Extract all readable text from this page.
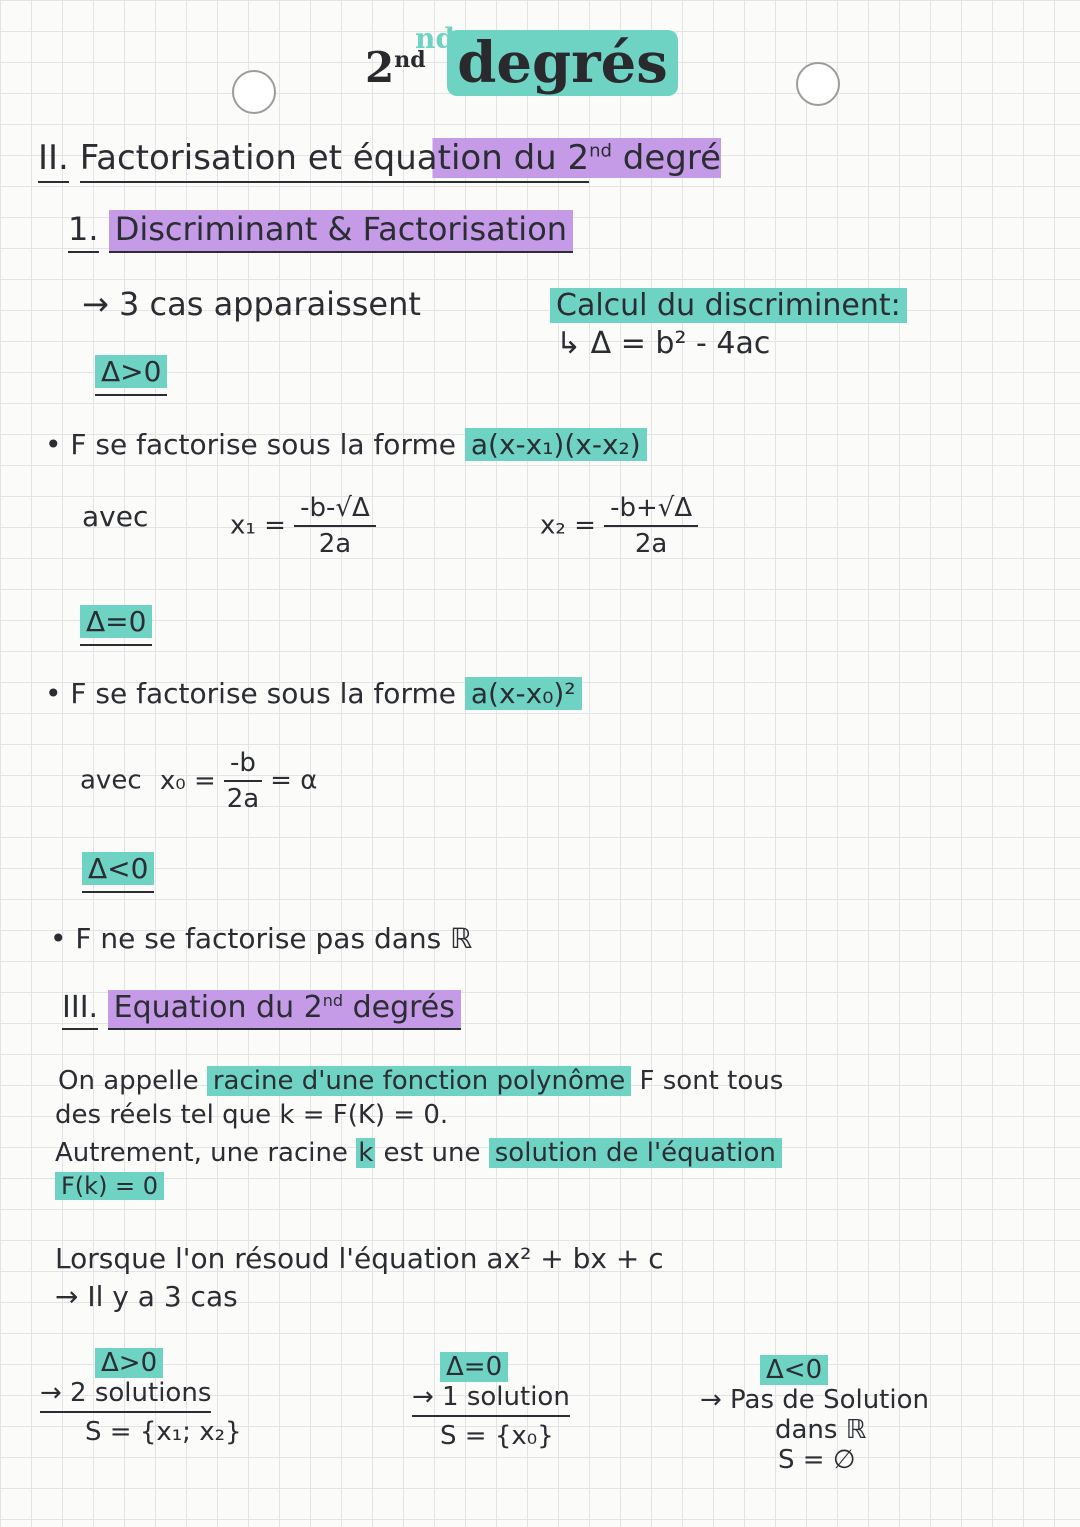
nd
2nd degrés
II. Factorisation et équation du 2nd degré
1. Discriminant & Factorisation
→ 3 cas apparaissent	Calcul du discriminent:
↳ Δ = b² - 4ac
Δ>0
• F se factorise sous la forme a(x-x₁)(x-x₂)
avec	$x_1 = \frac{-b-√\Delta}{2a}$	$x_2 = \frac{-b+√\Delta}{2a}$
Δ=0
• F se factorise sous la forme a(x-x₀)²
avec $x_0 = \frac{-b}{2a} = \alpha$
Δ<0
• F ne se factorise pas dans ℝ
III. Equation du 2nd degrés
On appelle racine d'une fonction polynôme F sont tous
des réels tel que k = F(K) = 0.
Autrement, une racine k est une solution de l'équation
F(k) = 0
Lorsque l'on résoud l'équation ax² + bx + c
→ Il y a 3 cas
Δ>0
→ 2 solutions
S = {x₁; x₂}
Δ=0
→ 1 solution
S = {x₀}
Δ<0
→ Pas de Solution
dans ℝ
S = ∅
